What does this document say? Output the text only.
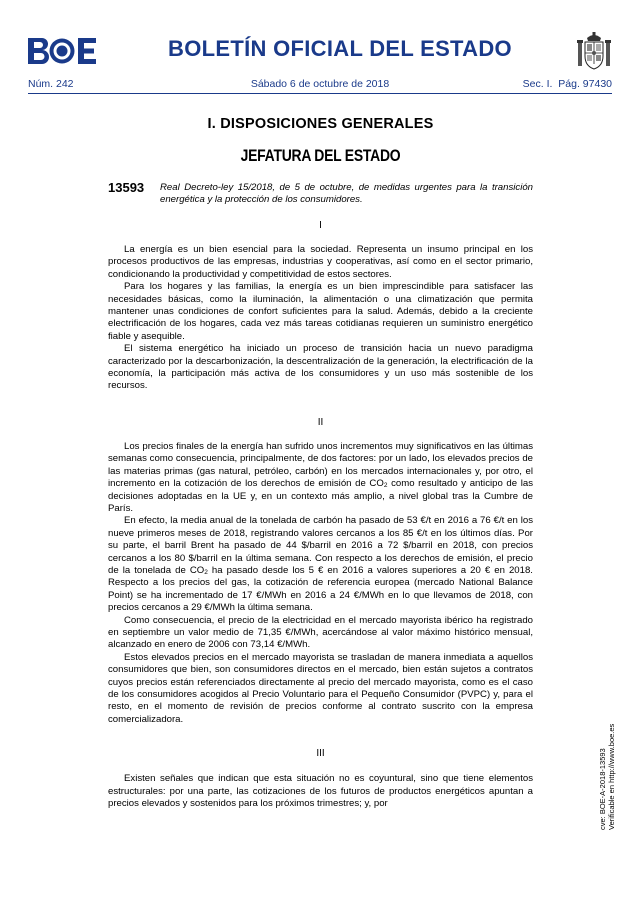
BOLETÍN OFICIAL DEL ESTADO
Núm. 242	Sábado 6 de octubre de 2018	Sec. I. Pág. 97430
I. DISPOSICIONES GENERALES
JEFATURA DEL ESTADO
13593 Real Decreto-ley 15/2018, de 5 de octubre, de medidas urgentes para la transición energética y la protección de los consumidores.

I

La energía es un bien esencial para la sociedad. Representa un insumo principal en los procesos productivos de las empresas, industrias y cooperativas, así como en el sector primario, condicionando la productividad y competitividad de estos sectores.

Para los hogares y las familias, la energía es un bien imprescindible para satisfacer las necesidades básicas, como la iluminación, la alimentación o una climatización que permita mantener unas condiciones de confort suficientes para la salud. Además, debido a la creciente electrificación de los hogares, cada vez más tareas cotidianas requieren un suministro energético fiable y asequible.

El sistema energético ha iniciado un proceso de transición hacia un nuevo paradigma caracterizado por la descarbonización, la descentralización de la generación, la electrificación de la economía, la participación más activa de los consumidores y un uso más sostenible de los recursos.

II

Los precios finales de la energía han sufrido unos incrementos muy significativos en las últimas semanas como consecuencia, principalmente, de dos factores: por un lado, los elevados precios de las materias primas (gas natural, petróleo, carbón) en los mercados internacionales y, por otro, el incremento en la cotización de los derechos de emisión de $CO_2$ como resultado y anticipo de las decisiones adoptadas en la UE y, en un contexto más amplio, a nivel global tras la Cumbre de París.

En efecto, la media anual de la tonelada de carbón ha pasado de 53 €/t en 2016 a 76 €/t en los nueve primeros meses de 2018, registrando valores cercanos a los 85 €/t en los últimos días. Por su parte, el barril Brent ha pasado de 44 $/barril en 2016 a 72 $/barril en 2018, con precios cercanos a los 80 $/barril en la última semana. Con respecto a los derechos de emisión, el precio de la tonelada de $CO_2$ ha pasado desde los 5 € en 2016 a valores superiores a 20 € en 2018. Respecto a los precios del gas, la cotización de referencia europea (mercado National Balance Point) se ha incrementado de 17 €/MWh en 2016 a 24 €/MWh en lo que llevamos de 2018, con precios cercanos a 29 €/MWh la última semana.

Como consecuencia, el precio de la electricidad en el mercado mayorista ibérico ha registrado en septiembre un valor medio de 71,35 €/MWh, acercándose al valor máximo histórico mensual, alcanzado en enero de 2006 con 73,14 €/MWh.

Estos elevados precios en el mercado mayorista se trasladan de manera inmediata a aquellos consumidores que bien, son consumidores directos en el mercado, bien están sujetos a contratos cuyos precios están referenciados directamente al precio del mercado mayorista, como es el caso de los consumidores acogidos al Precio Voluntario para el Pequeño Consumidor (PVPC) y, para el resto, en el momento de revisión de precios conforme al contrato suscrito con la empresa comercializadora.

III

Existen señales que indican que esta situación no es coyuntural, sino que tiene elementos estructurales: por una parte, las cotizaciones de los futuros de productos energéticos apuntan a precios elevados y sostenidos para los próximos trimestres; y, por	cve: BOE-A-2018-13593 Verificable en http://www.boe.es
